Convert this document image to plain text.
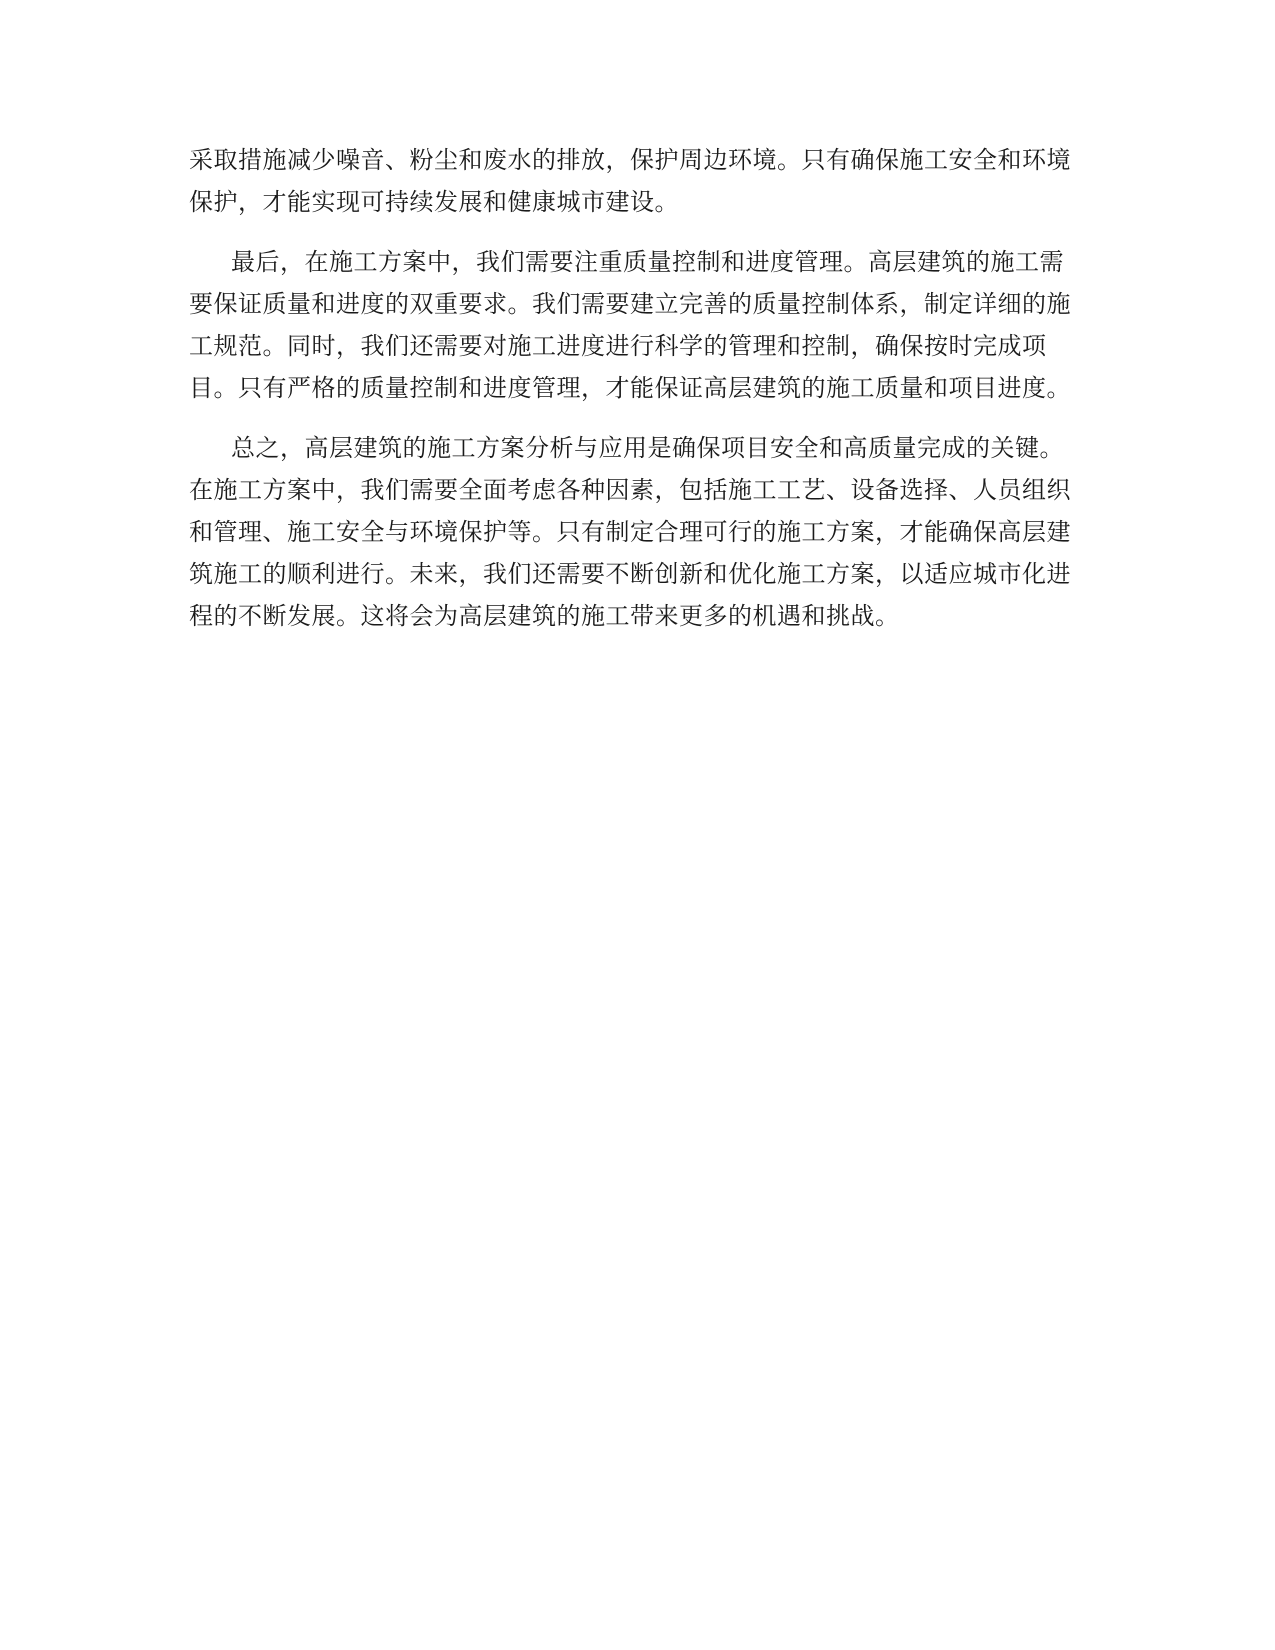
采取措施减少噪音、粉尘和废水的排放，保护周边环境。只有确保施工安全和环境
保护，才能实现可持续发展和健康城市建设。

最后，在施工方案中，我们需要注重质量控制和进度管理。高层建筑的施工需
要保证质量和进度的双重要求。我们需要建立完善的质量控制体系，制定详细的施
工规范。同时，我们还需要对施工进度进行科学的管理和控制，确保按时完成项
目。只有严格的质量控制和进度管理，才能保证高层建筑的施工质量和项目进度。

总之，高层建筑的施工方案分析与应用是确保项目安全和高质量完成的关键。
在施工方案中，我们需要全面考虑各种因素，包括施工工艺、设备选择、人员组织
和管理、施工安全与环境保护等。只有制定合理可行的施工方案，才能确保高层建
筑施工的顺利进行。未来，我们还需要不断创新和优化施工方案，以适应城市化进
程的不断发展。这将会为高层建筑的施工带来更多的机遇和挑战。
